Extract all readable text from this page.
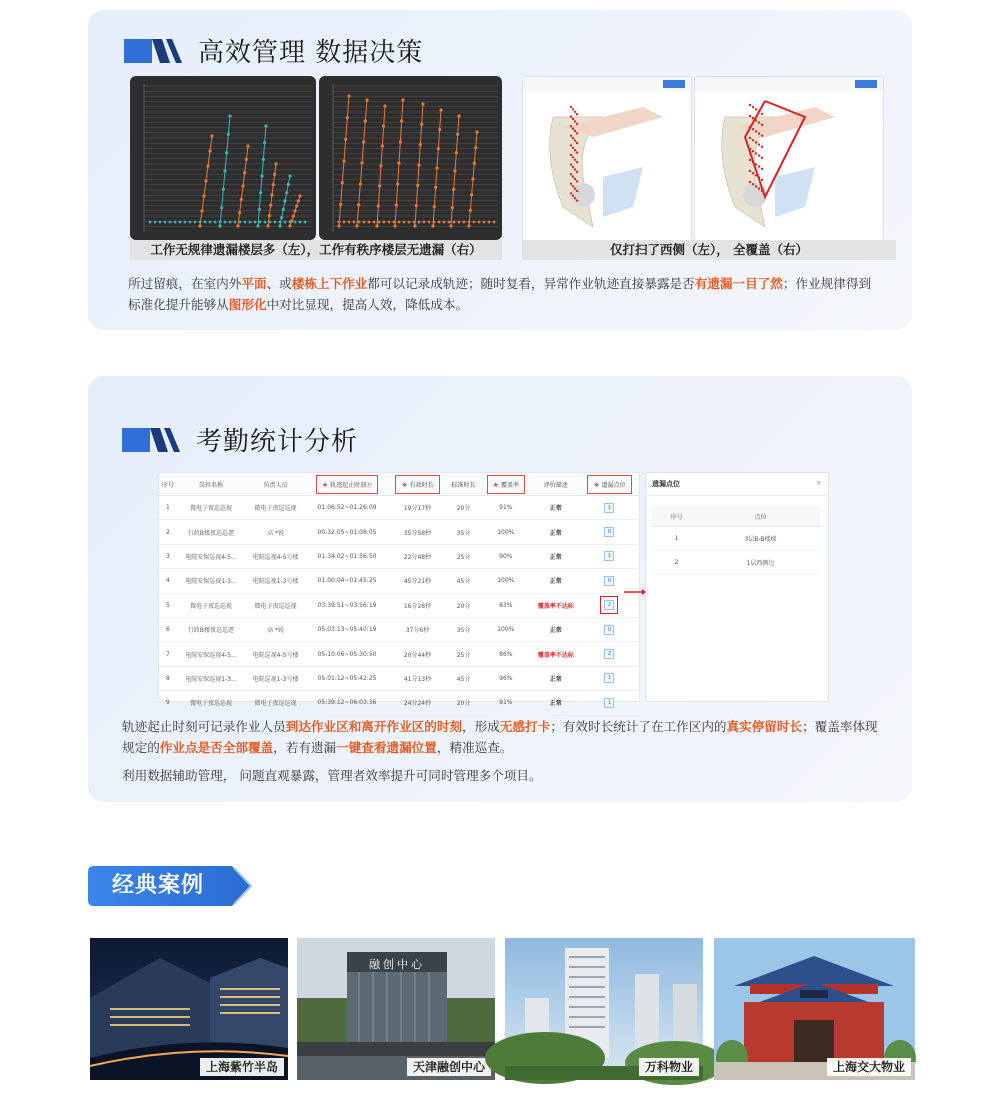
高效管理 数据决策
工作无规律遗漏楼层多（左），工作有秩序楼层无遗漏（右）	仅打扫了西侧（左）， 全覆盖（右）
所过留痕，在室内外平面、或楼栋上下作业都可以记录成轨迹；随时复看，异常作业轨迹直接暴露是否有遗漏一目了然；作业规律得到标准化提升能够从图形化中对比显现，提高人效，降低成本。
考勤统计分析
序号	岗位名称	负责人员	★ 轨迹起止时刻⓪	★ 有效时长	标准时长	★ 覆盖率	评价描述	★ 遗漏点位
1	微电子夜巡巡视	微电子夜巡巡视	01:06:52~01:26:09	19分17秒	20分	91%	正常	1
2	行政B楼夜巡巡逻	高 *锐	00:32:05~01:08:05	35分58秒	35分	100%	正常	0
3	电院安保巡视4-5...	电院巡视4-5号楼	01:34:02~01:56:50	22分48秒	25分	90%	正常	1
4	电院安保巡视1-3...	电院巡视1-3号楼	01:00:04~01:45:25	45分21秒	45分	100%	正常	0
5	微电子夜巡巡视	微电子夜巡巡视	03:39:51~03:56:19	16分28秒	20分	83%	覆盖率不达标	2
6	行政B楼夜巡巡逻	高 *锐	05:03:13~05:40:19	37分6秒	35分	100%	正常	0
7	电院安保巡视4-5...	电院巡视4-5号楼	05:10:06~05:30:50	20分44秒	25分	86%	覆盖率不达标	2
8	电院安保巡视1-3...	电院巡视1-3号楼	05:01:12~05:42:25	41分13秒	45分	96%	正常	1
9	微电子夜巡巡视	微电子夜巡巡视	05:39:12~06:03:36	24分24秒	20分	91%	正常	1
遗漏点位	×
序号	点位
1	3层B-B楼梯
2	1层西侧边
轨迹起止时刻可记录作业人员到达作业区和离开作业区的时刻，形成无感打卡；有效时长统计了在工作区内的真实停留时长；覆盖率体现规定的作业点是否全部覆盖，若有遗漏一键查看遗漏位置，精准巡查。
利用数据辅助管理， 问题直观暴露，管理者效率提升可同时管理多个项目。
经典案例
上海紫竹半岛
融创中心
天津融创中心	万科物业	上海交大物业
